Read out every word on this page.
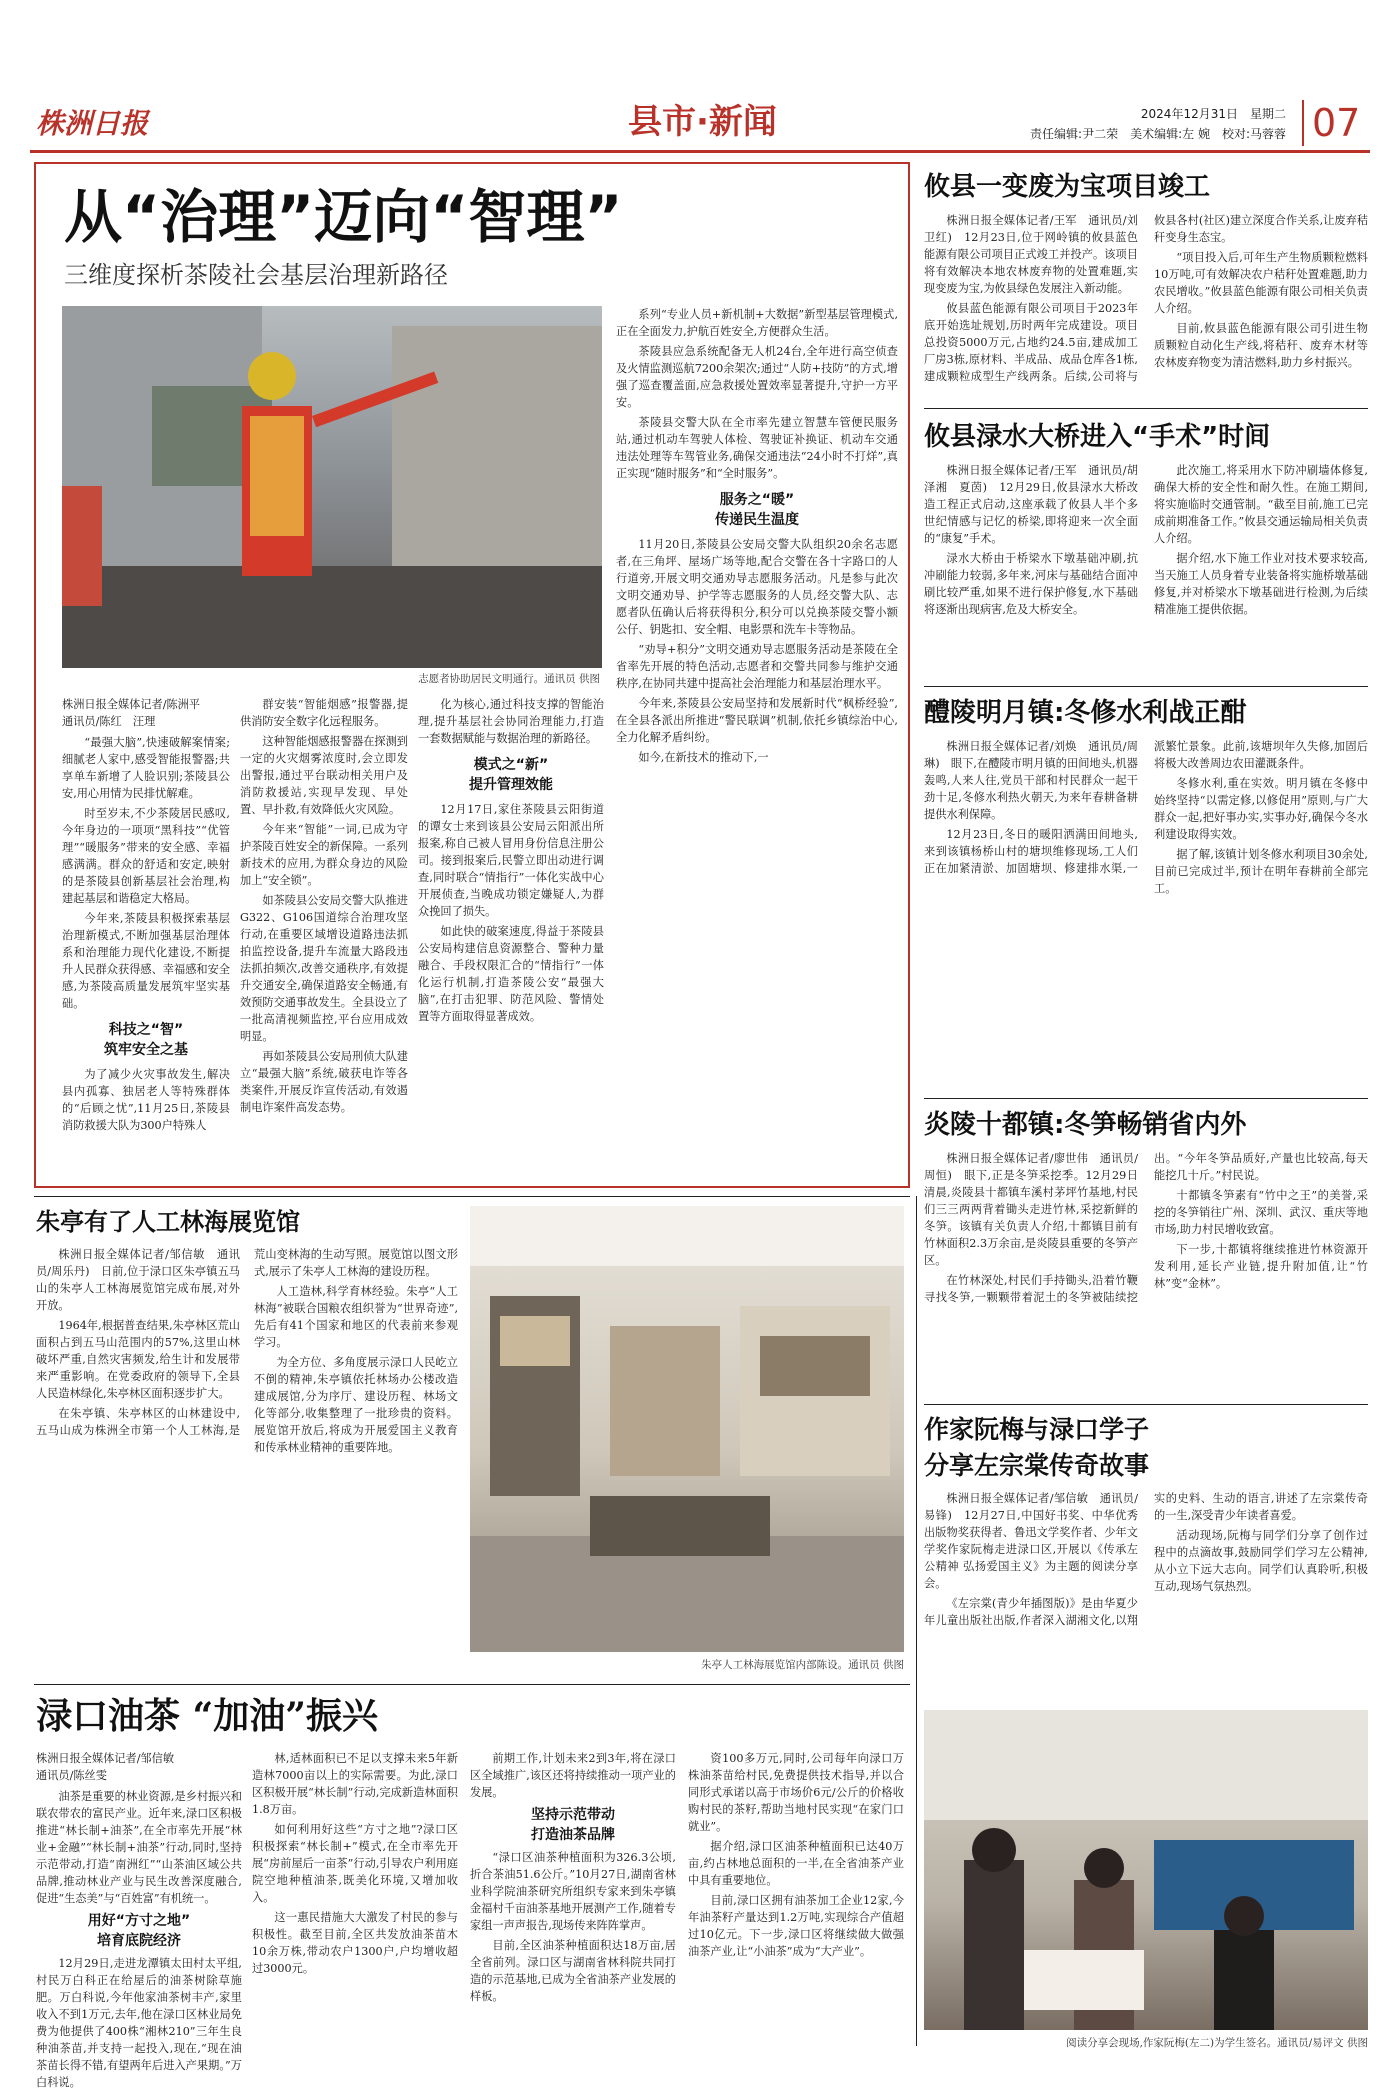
株洲日报	县市·新闻	2024年12月31日　星期二
责任编辑:尹二荣　美术编辑:左 婉　校对:马蓉蓉 07
从“治理”迈向“智理”
三维度探析茶陵社会基层治理新路径
志愿者协助居民文明通行。通讯员 供图

株洲日报全媒体记者/陈洲平
通讯员/陈红　汪理

“最强大脑”,快速破解案情案;细腻老人家中,感受智能报警器;共享单车新增了人脸识别;茶陵县公安,用心用情为民排忧解难。

时至岁末,不少茶陵居民感叹,今年身边的一项项“黑科技”“优管理”“暖服务”带来的安全感、幸福感满满。群众的舒适和安定,映射的是茶陵县创新基层社会治理,构建起基层和谐稳定大格局。

今年来,茶陵县积极探索基层治理新模式,不断加强基层治理体系和治理能力现代化建设,不断提升人民群众获得感、幸福感和安全感,为茶陵高质量发展筑牢坚实基础。

科技之“智”
筑牢安全之基

为了减少火灾事故发生,解决县内孤寡、独居老人等特殊群体的“后顾之忧”,11月25日,茶陵县消防救援大队为300户特殊人

群安装“智能烟感”报警器,提供消防安全数字化远程服务。

这种智能烟感报警器在探测到一定的火灾烟雾浓度时,会立即发出警报,通过平台联动相关用户及消防救援站,实现早发现、早处置、早扑救,有效降低火灾风险。

今年来“智能”一词,已成为守护茶陵百姓安全的新保障。一系列新技术的应用,为群众身边的风险加上“安全锁”。

如茶陵县公安局交警大队推进G322、G106国道综合治理攻坚行动,在重要区域增设道路违法抓拍监控设备,提升车流量大路段违法抓拍频次,改善交通秩序,有效提升交通安全,确保道路安全畅通,有效预防交通事故发生。全县设立了一批高清视频监控,平台应用成效明显。

再如茶陵县公安局刑侦大队建立“最强大脑”系统,破获电诈等各类案件,开展反诈宣传活动,有效遏制电诈案件高发态势。

化为核心,通过科技支撑的智能治理,提升基层社会协同治理能力,打造一套数据赋能与数据治理的新路径。

模式之“新”
提升管理效能

12月17日,家住茶陵县云阳街道的谭女士来到该县公安局云阳派出所报案,称自己被人冒用身份信息注册公司。接到报案后,民警立即出动进行调查,同时联合“情指行”一体化实战中心开展侦查,当晚成功锁定嫌疑人,为群众挽回了损失。

如此快的破案速度,得益于茶陵县公安局构建信息资源整合、警种力量融合、手段权限汇合的“情指行”一体化运行机制,打造茶陵公安“最强大脑”,在打击犯罪、防范风险、警情处置等方面取得显著成效。

系列“专业人员+新机制+大数据”新型基层管理模式,正在全面发力,护航百姓安全,方便群众生活。

茶陵县应急系统配备无人机24台,全年进行高空侦查及火情监测巡航7200余架次;通过“人防+技防”的方式,增强了巡查覆盖面,应急救援处置效率显著提升,守护一方平安。

茶陵县交警大队在全市率先建立智慧车管便民服务站,通过机动车驾驶人体检、驾驶证补换证、机动车交通违法处理等车驾管业务,确保交通违法“24小时不打烊”,真正实现“随时服务”和“全时服务”。

服务之“暖”
传递民生温度

11月20日,茶陵县公安局交警大队组织20余名志愿者,在三角坪、屋场广场等地,配合交警在各十字路口的人行道旁,开展文明交通劝导志愿服务活动。凡是参与此次文明交通劝导、护学等志愿服务的人员,经交警大队、志愿者队伍确认后将获得积分,积分可以兑换茶陵交警小额公仔、钥匙扣、安全帽、电影票和洗车卡等物品。

“劝导+积分”文明交通劝导志愿服务活动是茶陵在全省率先开展的特色活动,志愿者和交警共同参与维护交通秩序,在协同共建中提高社会治理能力和基层治理水平。

今年来,茶陵县公安局坚持和发展新时代“枫桥经验”,在全县各派出所推进“警民联调”机制,依托乡镇综治中心,全力化解矛盾纠纷。

如今,在新技术的推动下,一

攸县一变废为宝项目竣工

株洲日报全媒体记者/王军　通讯员/刘卫红)　12月23日,位于网岭镇的攸县蓝色能源有限公司项目正式竣工并投产。该项目将有效解决本地农林废弃物的处置难题,实现变废为宝,为攸县绿色发展注入新动能。

攸县蓝色能源有限公司项目于2023年底开始选址规划,历时两年完成建设。项目总投资5000万元,占地约24.5亩,建成加工厂房3栋,原材料、半成品、成品仓库各1栋,建成颗粒成型生产线两条。后续,公司将与攸县各村(社区)建立深度合作关系,让废弃秸秆变身生态宝。

“项目投入后,可年生产生物质颗粒燃料10万吨,可有效解决农户秸秆处置难题,助力农民增收。”攸县蓝色能源有限公司相关负责人介绍。

目前,攸县蓝色能源有限公司引进生物质颗粒自动化生产线,将秸秆、废弃木材等农林废弃物变为清洁燃料,助力乡村振兴。

攸县渌水大桥进入“手术”时间

株洲日报全媒体记者/王军　通讯员/胡泽湘　夏茵)　12月29日,攸县渌水大桥改造工程正式启动,这座承载了攸县人半个多世纪情感与记忆的桥梁,即将迎来一次全面的“康复”手术。

渌水大桥由于桥梁水下墩基础冲刷,抗冲刷能力较弱,多年来,河床与基础结合面冲刷比较严重,如果不进行保护修复,水下基础将逐渐出现病害,危及大桥安全。

此次施工,将采用水下防冲刷墙体修复,确保大桥的安全性和耐久性。在施工期间,将实施临时交通管制。“截至目前,施工已完成前期准备工作。”攸县交通运输局相关负责人介绍。

据介绍,水下施工作业对技术要求较高,当天施工人员身着专业装备将实施桥墩基础修复,并对桥梁水下墩基础进行检测,为后续精准施工提供依据。

醴陵明月镇:冬修水利战正酣

株洲日报全媒体记者/刘焕　通讯员/周琳)　眼下,在醴陵市明月镇的田间地头,机器轰鸣,人来人往,党员干部和村民群众一起干劲十足,冬修水利热火朝天,为来年春耕备耕提供水利保障。

12月23日,冬日的暖阳洒满田间地头,来到该镇杨桥山村的塘坝维修现场,工人们正在加紧清淤、加固塘坝、修建排水渠,一派繁忙景象。此前,该塘坝年久失修,加固后将极大改善周边农田灌溉条件。

冬修水利,重在实效。明月镇在冬修中始终坚持“以需定修,以修促用”原则,与广大群众一起,把好事办实,实事办好,确保今冬水利建设取得实效。

据了解,该镇计划冬修水利项目30余处,目前已完成过半,预计在明年春耕前全部完工。

炎陵十都镇:冬笋畅销省内外

株洲日报全媒体记者/廖世伟　通讯员/周恒)　眼下,正是冬笋采挖季。12月29日清晨,炎陵县十都镇车溪村茅坪竹基地,村民们三三两两背着锄头走进竹林,采挖新鲜的冬笋。该镇有关负责人介绍,十都镇目前有竹林面积2.3万余亩,是炎陵县重要的冬笋产区。

在竹林深处,村民们手持锄头,沿着竹鞭寻找冬笋,一颗颗带着泥土的冬笋被陆续挖出。“今年冬笋品质好,产量也比较高,每天能挖几十斤。”村民说。

十都镇冬笋素有“竹中之王”的美誉,采挖的冬笋销往广州、深圳、武汉、重庆等地市场,助力村民增收致富。

下一步,十都镇将继续推进竹林资源开发利用,延长产业链,提升附加值,让“竹林”变“金林”。

作家阮梅与渌口学子
分享左宗棠传奇故事

株洲日报全媒体记者/邹信敏　通讯员/易锋)　12月27日,中国好书奖、中华优秀出版物奖获得者、鲁迅文学奖作者、少年文学奖作家阮梅走进渌口区,开展以《传承左公精神 弘扬爱国主义》为主题的阅读分享会。

《左宗棠(青少年插图版)》是由华夏少年儿童出版社出版,作者深入湖湘文化,以翔实的史料、生动的语言,讲述了左宗棠传奇的一生,深受青少年读者喜爱。

活动现场,阮梅与同学们分享了创作过程中的点滴故事,鼓励同学们学习左公精神,从小立下远大志向。同学们认真聆听,积极互动,现场气氛热烈。

阅读分享会现场,作家阮梅(左二)为学生签名。通讯员/易评文 供图
朱亭有了人工林海展览馆

株洲日报全媒体记者/邹信敏　通讯员/周乐丹)　日前,位于渌口区朱亭镇五马山的朱亭人工林海展览馆完成布展,对外开放。

1964年,根据普查结果,朱亭林区荒山面积占到五马山范围内的57%,这里山林破坏严重,自然灾害频发,给生计和发展带来严重影响。在党委政府的领导下,全县人民造林绿化,朱亭林区面积逐步扩大。

在朱亭镇、朱亭林区的山林建设中,五马山成为株洲全市第一个人工林海,是荒山变林海的生动写照。展览馆以图文形式,展示了朱亭人工林海的建设历程。

人工造林,科学育林经验。朱亭“人工林海”被联合国粮农组织誉为“世界奇迹”,先后有41个国家和地区的代表前来参观学习。

为全方位、多角度展示渌口人民屹立不倒的精神,朱亭镇依托林场办公楼改造建成展馆,分为序厅、建设历程、林场文化等部分,收集整理了一批珍贵的资料。展览馆开放后,将成为开展爱国主义教育和传承林业精神的重要阵地。

朱亭人工林海展览馆内部陈设。通讯员 供图
渌口油茶 “加油”振兴

株洲日报全媒体记者/邹信敏
通讯员/陈丝雯

油茶是重要的林业资源,是乡村振兴和联农带农的富民产业。近年来,渌口区积极推进“林长制+油茶”,在全市率先开展“林业+金融”“林长制+油茶”行动,同时,坚持示范带动,打造“南洲红”“山茶油区域公共品牌,推动林业产业与民生改善深度融合,促进“生态美”与“百姓富”有机统一。

用好“方寸之地”
培育底院经济

12月29日,走进龙潭镇太田村太平组,村民万白科正在给屋后的油茶树除草施肥。万白科说,今年他家油茶树丰产,家里收入不到1万元,去年,他在渌口区林业局免费为他提供了400株“湘林210”三年生良种油茶苗,并支持一起投入,现在,“现在油茶苗长得不错,有望两年后进入产果期。”万白科说。

林,适林面积已不足以支撑未来5年新造林7000亩以上的实际需要。为此,渌口区积极开展“林长制”行动,完成新造林面积1.8万亩。

如何利用好这些“方寸之地”?渌口区积极探索“林长制+”模式,在全市率先开展“房前屋后一亩茶”行动,引导农户利用庭院空地种植油茶,既美化环境,又增加收入。

这一惠民措施大大激发了村民的参与积极性。截至目前,全区共发放油茶苗木10余万株,带动农户1300户,户均增收超过3000元。

前期工作,计划未来2到3年,将在渌口区全域推广,该区还将持续推动一项产业的发展。

坚持示范带动
打造油茶品牌

“渌口区油茶种植面积为326.3公顷,折合茶油51.6公斤。”10月27日,湖南省林业科学院油茶研究所组织专家来到朱亭镇金福村千亩油茶基地开展测产工作,随着专家组一声声报告,现场传来阵阵掌声。

目前,全区油茶种植面积达18万亩,居全省前列。渌口区与湖南省林科院共同打造的示范基地,已成为全省油茶产业发展的样板。

资100多万元,同时,公司每年向渌口万株油茶苗给村民,免费提供技术指导,并以合同形式承诺以高于市场价6元/公斤的价格收购村民的茶籽,帮助当地村民实现“在家门口就业”。

据介绍,渌口区油茶种植面积已达40万亩,约占林地总面积的一半,在全省油茶产业中具有重要地位。

目前,渌口区拥有油茶加工企业12家,今年油茶籽产量达到1.2万吨,实现综合产值超过10亿元。下一步,渌口区将继续做大做强油茶产业,让“小油茶”成为“大产业”。
